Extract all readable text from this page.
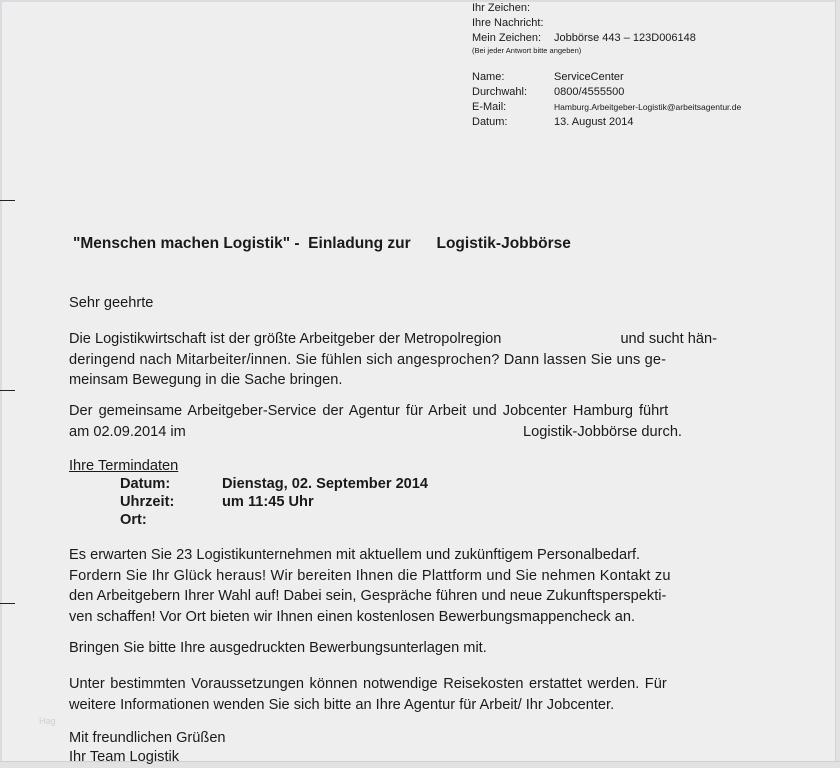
Ihr Zeichen:
Ihre Nachricht:
Mein Zeichen:	Jobbörse 443 – 123D006148
(Bei jeder Antwort bitte angeben)
Name:	ServiceCenter
Durchwahl:	0800/4555500
E-Mail:	Hamburg.Arbeitgeber-Logistik@arbeitsagentur.de
Datum:	13. August 2014
"Menschen machen Logistik" -  Einladung zur      Logistik-Jobbörse
Sehr geehrte
Die Logistikwirtschaft ist der größte Arbeitgeber der Metropolregion	und sucht hän-
deringend nach Mitarbeiter/innen. Sie fühlen sich angesprochen? Dann lassen Sie uns ge-
meinsam Bewegung in die Sache bringen.
Der gemeinsame Arbeitgeber-Service der Agentur für Arbeit und Jobcenter Hamburg führt
am 02.09.2014 im	Logistik-Jobbörse durch.
Ihre Termindaten
Datum:	Dienstag, 02. September 2014
Uhrzeit:	um 11:45 Uhr
Ort:
Es erwarten Sie 23 Logistikunternehmen mit aktuellem und zukünftigem Personalbedarf.
Fordern Sie Ihr Glück heraus! Wir bereiten Ihnen die Plattform und Sie nehmen Kontakt zu
den Arbeitgebern Ihrer Wahl auf! Dabei sein, Gespräche führen und neue Zukunftsperspekti-
ven schaffen! Vor Ort bieten wir Ihnen einen kostenlosen Bewerbungsmappencheck an.
Bringen Sie bitte Ihre ausgedruckten Bewerbungsunterlagen mit.
Unter bestimmten Voraussetzungen können notwendige Reisekosten erstattet werden. Für
weitere Informationen wenden Sie sich bitte an Ihre Agentur für Arbeit/ Ihr Jobcenter.
Hag
Mit freundlichen Grüßen
Ihr Team Logistik
